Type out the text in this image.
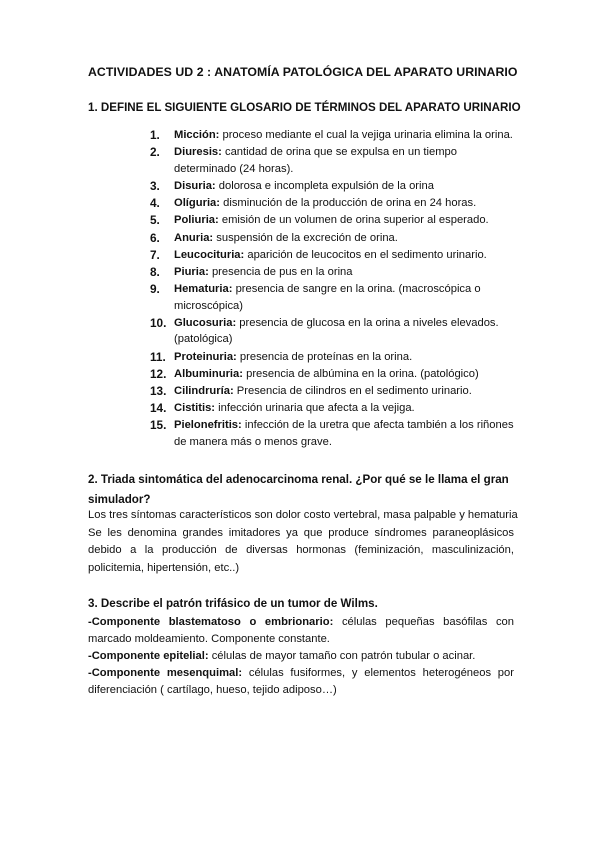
ACTIVIDADES UD 2 : ANATOMÍA PATOLÓGICA DEL APARATO URINARIO
1. DEFINE EL SIGUIENTE GLOSARIO DE TÉRMINOS DEL APARATO URINARIO
1.	Micción: proceso mediante el cual la vejiga urinaria elimina la orina.
2.	Diuresis: cantidad de orina que se expulsa en un tiempo determinado (24 horas).
3.	Disuria: dolorosa e incompleta expulsión de la orina
4.	Olíguria: disminución de la producción de orina en 24 horas.
5.	Poliuria: emisión de un volumen de orina superior al esperado.
6.	Anuria: suspensión de la excreción de orina.
7.	Leucocituria: aparición de leucocitos en el sedimento urinario.
8.	Piuria: presencia de pus en la orina
9.	Hematuria: presencia de sangre en la orina. (macroscópica o microscópica)
10. Glucosuria: presencia de glucosa en la orina a niveles elevados. (patológica)
11. Proteinuria: presencia de proteínas en la orina.
12. Albuminuria: presencia de albúmina en la orina. (patológico)
13. Cilindruría: Presencia de cilindros en el sedimento urinario.
14. Cistitis: infección urinaria que afecta a la vejiga.
15. Pielonefritis: infección de la uretra que afecta también a los riñones de manera más o menos grave.
2. Triada sintomática del adenocarcinoma renal. ¿Por qué se le llama el gran simulador?

Los tres síntomas característicos son dolor costo vertebral, masa palpable y hematuria

Se les denomina grandes imitadores ya que produce síndromes paraneoplásicos debido a la producción de diversas hormonas (feminización, masculinización, policitemia, hipertensión, etc..)

3. Describe el patrón trifásico de un tumor de Wilms.
-Componente blastematoso o embrionario: células pequeñas basófilas con marcado moldeamiento. Componente constante.
-Componente epitelial: células de mayor tamaño con patrón tubular o acinar.
-Componente mesenquimal: células fusiformes, y elementos heterogéneos por diferenciación ( cartílago, hueso, tejido adiposo…)
